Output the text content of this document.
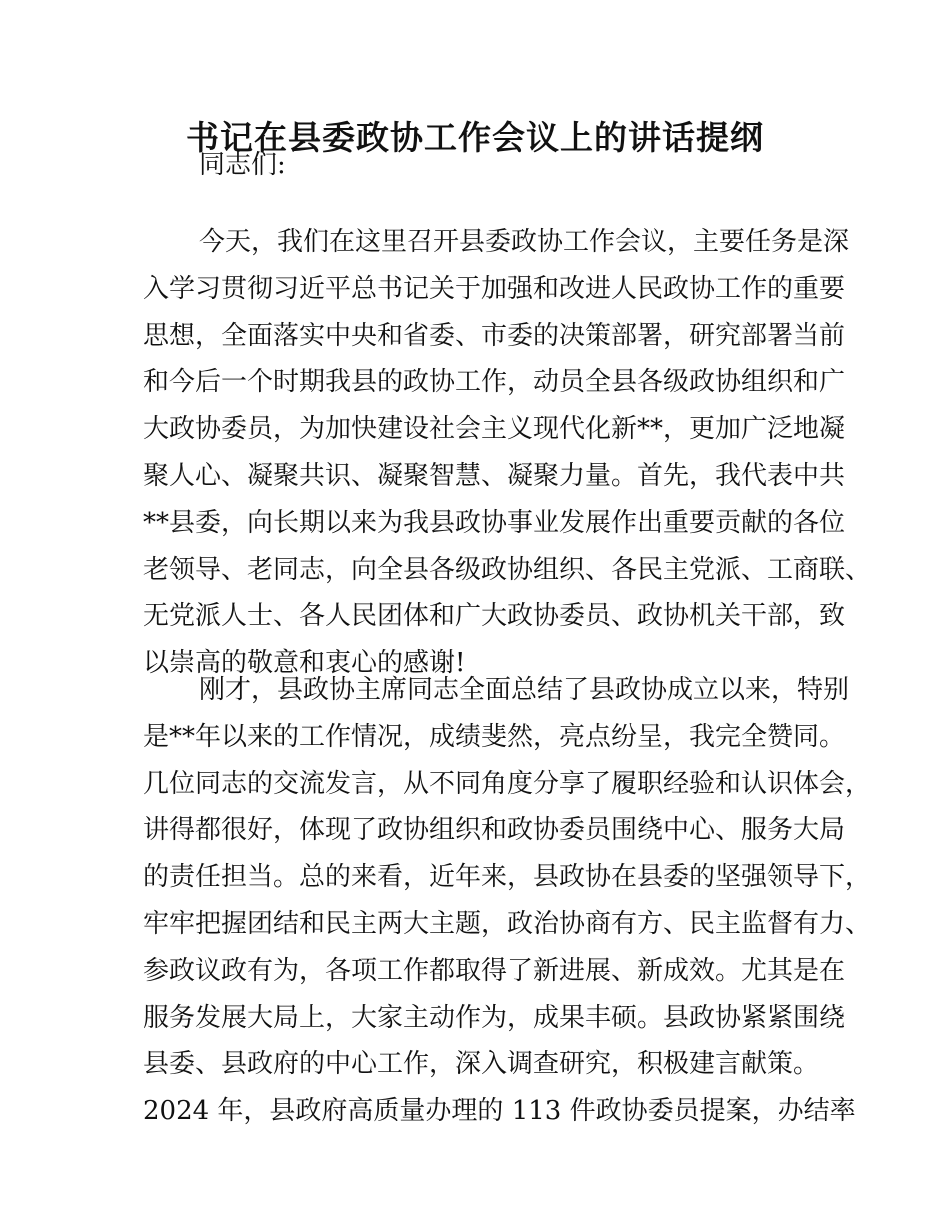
书记在县委政协工作会议上的讲话提纲
同志们:
今天，我们在这里召开县委政协工作会议，主要任务是深
入学习贯彻习近平总书记关于加强和改进人民政协工作的重要
思想，全面落实中央和省委、市委的决策部署，研究部署当前
和今后一个时期我县的政协工作，动员全县各级政协组织和广
大政协委员，为加快建设社会主义现代化新**，更加广泛地凝
聚人心、凝聚共识、凝聚智慧、凝聚力量。首先，我代表中共
**县委，向长期以来为我县政协事业发展作出重要贡献的各位
老领导、老同志，向全县各级政协组织、各民主党派、工商联、
无党派人士、各人民团体和广大政协委员、政协机关干部，致
以崇高的敬意和衷心的感谢!
刚才，县政协主席同志全面总结了县政协成立以来，特别
是**年以来的工作情况，成绩斐然，亮点纷呈，我完全赞同。
几位同志的交流发言，从不同角度分享了履职经验和认识体会，
讲得都很好，体现了政协组织和政协委员围绕中心、服务大局
的责任担当。总的来看，近年来，县政协在县委的坚强领导下，
牢牢把握团结和民主两大主题，政治协商有方、民主监督有力、
参政议政有为，各项工作都取得了新进展、新成效。尤其是在
服务发展大局上，大家主动作为，成果丰硕。县政协紧紧围绕
县委、县政府的中心工作，深入调查研究，积极建言献策。
2024 年，县政府高质量办理的 113 件政协委员提案，办结率
